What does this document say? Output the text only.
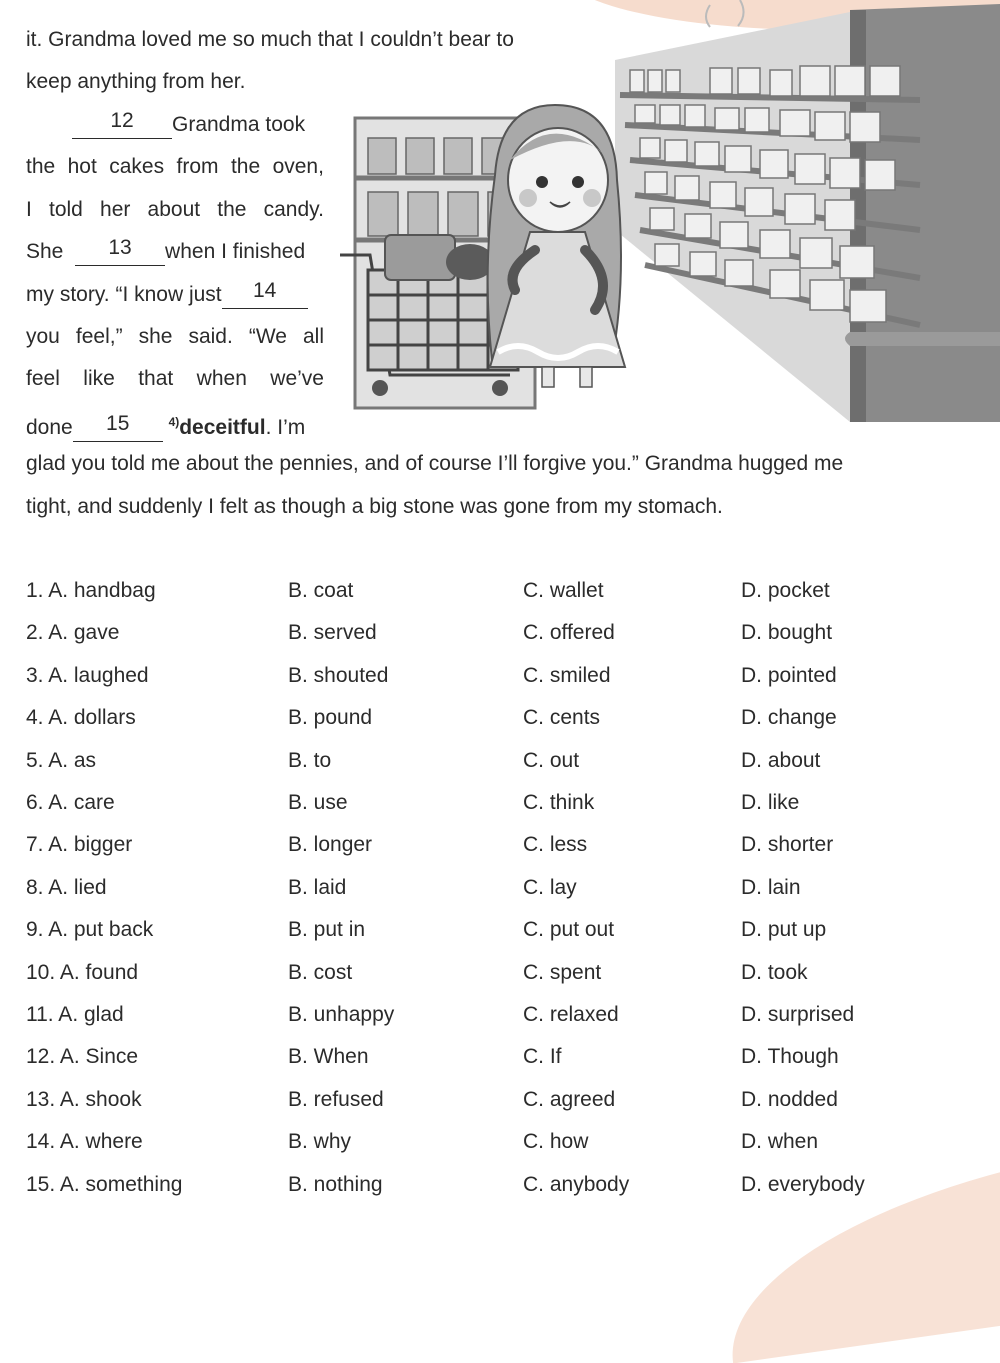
it. Grandma loved me so much that I couldn’t bear to
keep anything from her.
12 Grandma took
the hot cakes from the oven,
I told her about the candy.
She 13 when I finished
my story. “I know just 14
you feel,” she said. “We all
feel like that when we’ve
done 15	$^{4)}$deceitful. I’m
glad you told me about the pennies, and of course I’ll forgive you.” Grandma hugged me
tight, and suddenly I felt as though a big stone was gone from my stomach.
1. A. handbag	B. coat	C. wallet	D. pocket
2. A. gave	B. served	C. offered	D. bought
3. A. laughed	B. shouted	C. smiled	D. pointed
4. A. dollars	B. pound	C. cents	D. change
5. A. as	B. to	C. out	D. about
6. A. care	B. use	C. think	D. like
7. A. bigger	B. longer	C. less	D. shorter
8. A. lied	B. laid	C. lay	D. lain
9. A. put back	B. put in	C. put out	D. put up
10. A. found	B. cost	C. spent	D. took
11. A. glad	B. unhappy	C. relaxed	D. surprised
12. A. Since	B. When	C. If	D. Though
13. A. shook	B. refused	C. agreed	D. nodded
14. A. where	B. why	C. how	D. when
15. A. something	B. nothing	C. anybody	D. everybody
